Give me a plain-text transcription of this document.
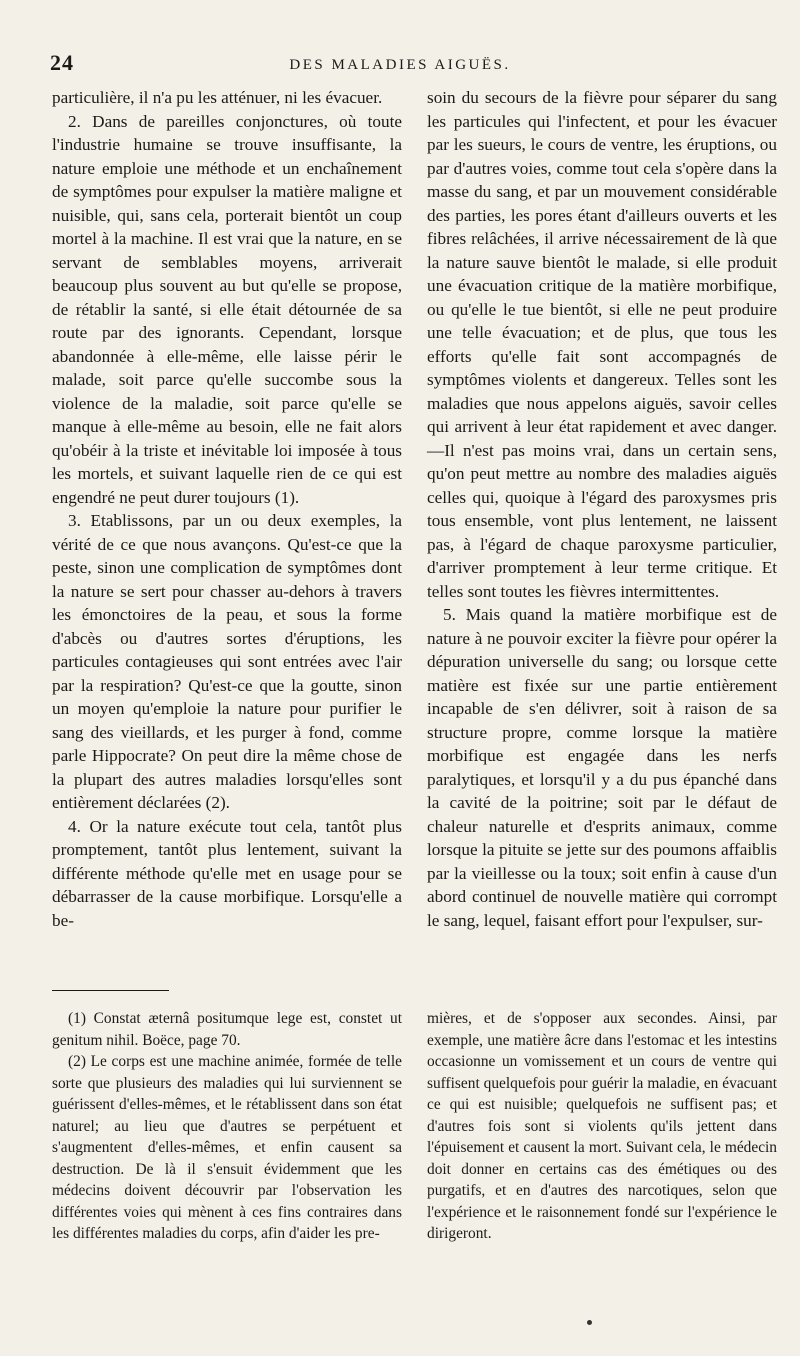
24	DES MALADIES AIGUËS.

particulière, il n'a pu les atténuer, ni les évacuer.

2. Dans de pareilles conjonctures, où toute l'industrie humaine se trouve insuffisante, la nature emploie une méthode et un enchaînement de symptômes pour expulser la matière maligne et nuisible, qui, sans cela, porterait bientôt un coup mortel à la machine. Il est vrai que la nature, en se servant de semblables moyens, arriverait beaucoup plus souvent au but qu'elle se propose, de rétablir la santé, si elle était détournée de sa route par des ignorants. Cependant, lorsque abandonnée à elle-même, elle laisse périr le malade, soit parce qu'elle succombe sous la violence de la maladie, soit parce qu'elle se manque à elle-même au besoin, elle ne fait alors qu'obéir à la triste et inévitable loi imposée à tous les mortels, et suivant laquelle rien de ce qui est engendré ne peut durer toujours (1).

3. Etablissons, par un ou deux exemples, la vérité de ce que nous avançons. Qu'est-ce que la peste, sinon une complication de symptômes dont la nature se sert pour chasser au-dehors à travers les émonctoires de la peau, et sous la forme d'abcès ou d'autres sortes d'éruptions, les particules contagieuses qui sont entrées avec l'air par la respiration? Qu'est-ce que la goutte, sinon un moyen qu'emploie la nature pour purifier le sang des vieillards, et les purger à fond, comme parle Hippocrate? On peut dire la même chose de la plupart des autres maladies lorsqu'elles sont entièrement déclarées (2).

4. Or la nature exécute tout cela, tantôt plus promptement, tantôt plus lentement, suivant la différente méthode qu'elle met en usage pour se débarrasser de la cause morbifique. Lorsqu'elle a be-

soin du secours de la fièvre pour séparer du sang les particules qui l'infectent, et pour les évacuer par les sueurs, le cours de ventre, les éruptions, ou par d'autres voies, comme tout cela s'opère dans la masse du sang, et par un mouvement considérable des parties, les pores étant d'ailleurs ouverts et les fibres relâchées, il arrive nécessairement de là que la nature sauve bientôt le malade, si elle produit une évacuation critique de la matière morbifique, ou qu'elle le tue bientôt, si elle ne peut produire une telle évacuation; et de plus, que tous les efforts qu'elle fait sont accompagnés de symptômes violents et dangereux. Telles sont les maladies que nous appelons aiguës, savoir celles qui arrivent à leur état rapidement et avec danger.—Il n'est pas moins vrai, dans un certain sens, qu'on peut mettre au nombre des maladies aiguës celles qui, quoique à l'égard des paroxysmes pris tous ensemble, vont plus lentement, ne laissent pas, à l'égard de chaque paroxysme particulier, d'arriver promptement à leur terme critique. Et telles sont toutes les fièvres intermittentes.

5. Mais quand la matière morbifique est de nature à ne pouvoir exciter la fièvre pour opérer la dépuration universelle du sang; ou lorsque cette matière est fixée sur une partie entièrement incapable de s'en délivrer, soit à raison de sa structure propre, comme lorsque la matière morbifique est engagée dans les nerfs paralytiques, et lorsqu'il y a du pus épanché dans la cavité de la poitrine; soit par le défaut de chaleur naturelle et d'esprits animaux, comme lorsque la pituite se jette sur des poumons affaiblis par la vieillesse ou la toux; soit enfin à cause d'un abord continuel de nouvelle matière qui corrompt le sang, lequel, faisant effort pour l'expulser, sur-

(1) Constat æternâ positumque lege est, constet ut genitum nihil. Boëce, page 70.

(2) Le corps est une machine animée, formée de telle sorte que plusieurs des maladies qui lui surviennent se guérissent d'elles-mêmes, et le rétablissent dans son état naturel; au lieu que d'autres se perpétuent et s'augmentent d'elles-mêmes, et enfin causent sa destruction. De là il s'ensuit évidemment que les médecins doivent découvrir par l'observation les différentes voies qui mènent à ces fins contraires dans les différentes maladies du corps, afin d'aider les pre-

mières, et de s'opposer aux secondes. Ainsi, par exemple, une matière âcre dans l'estomac et les intestins occasionne un vomissement et un cours de ventre qui suffisent quelquefois pour guérir la maladie, en évacuant ce qui est nuisible; quelquefois ne suffisent pas; et d'autres fois sont si violents qu'ils jettent dans l'épuisement et causent la mort. Suivant cela, le médecin doit donner en certains cas des émétiques ou des purgatifs, et en d'autres des narcotiques, selon que l'expérience et le raisonnement fondé sur l'expérience le dirigeront.
